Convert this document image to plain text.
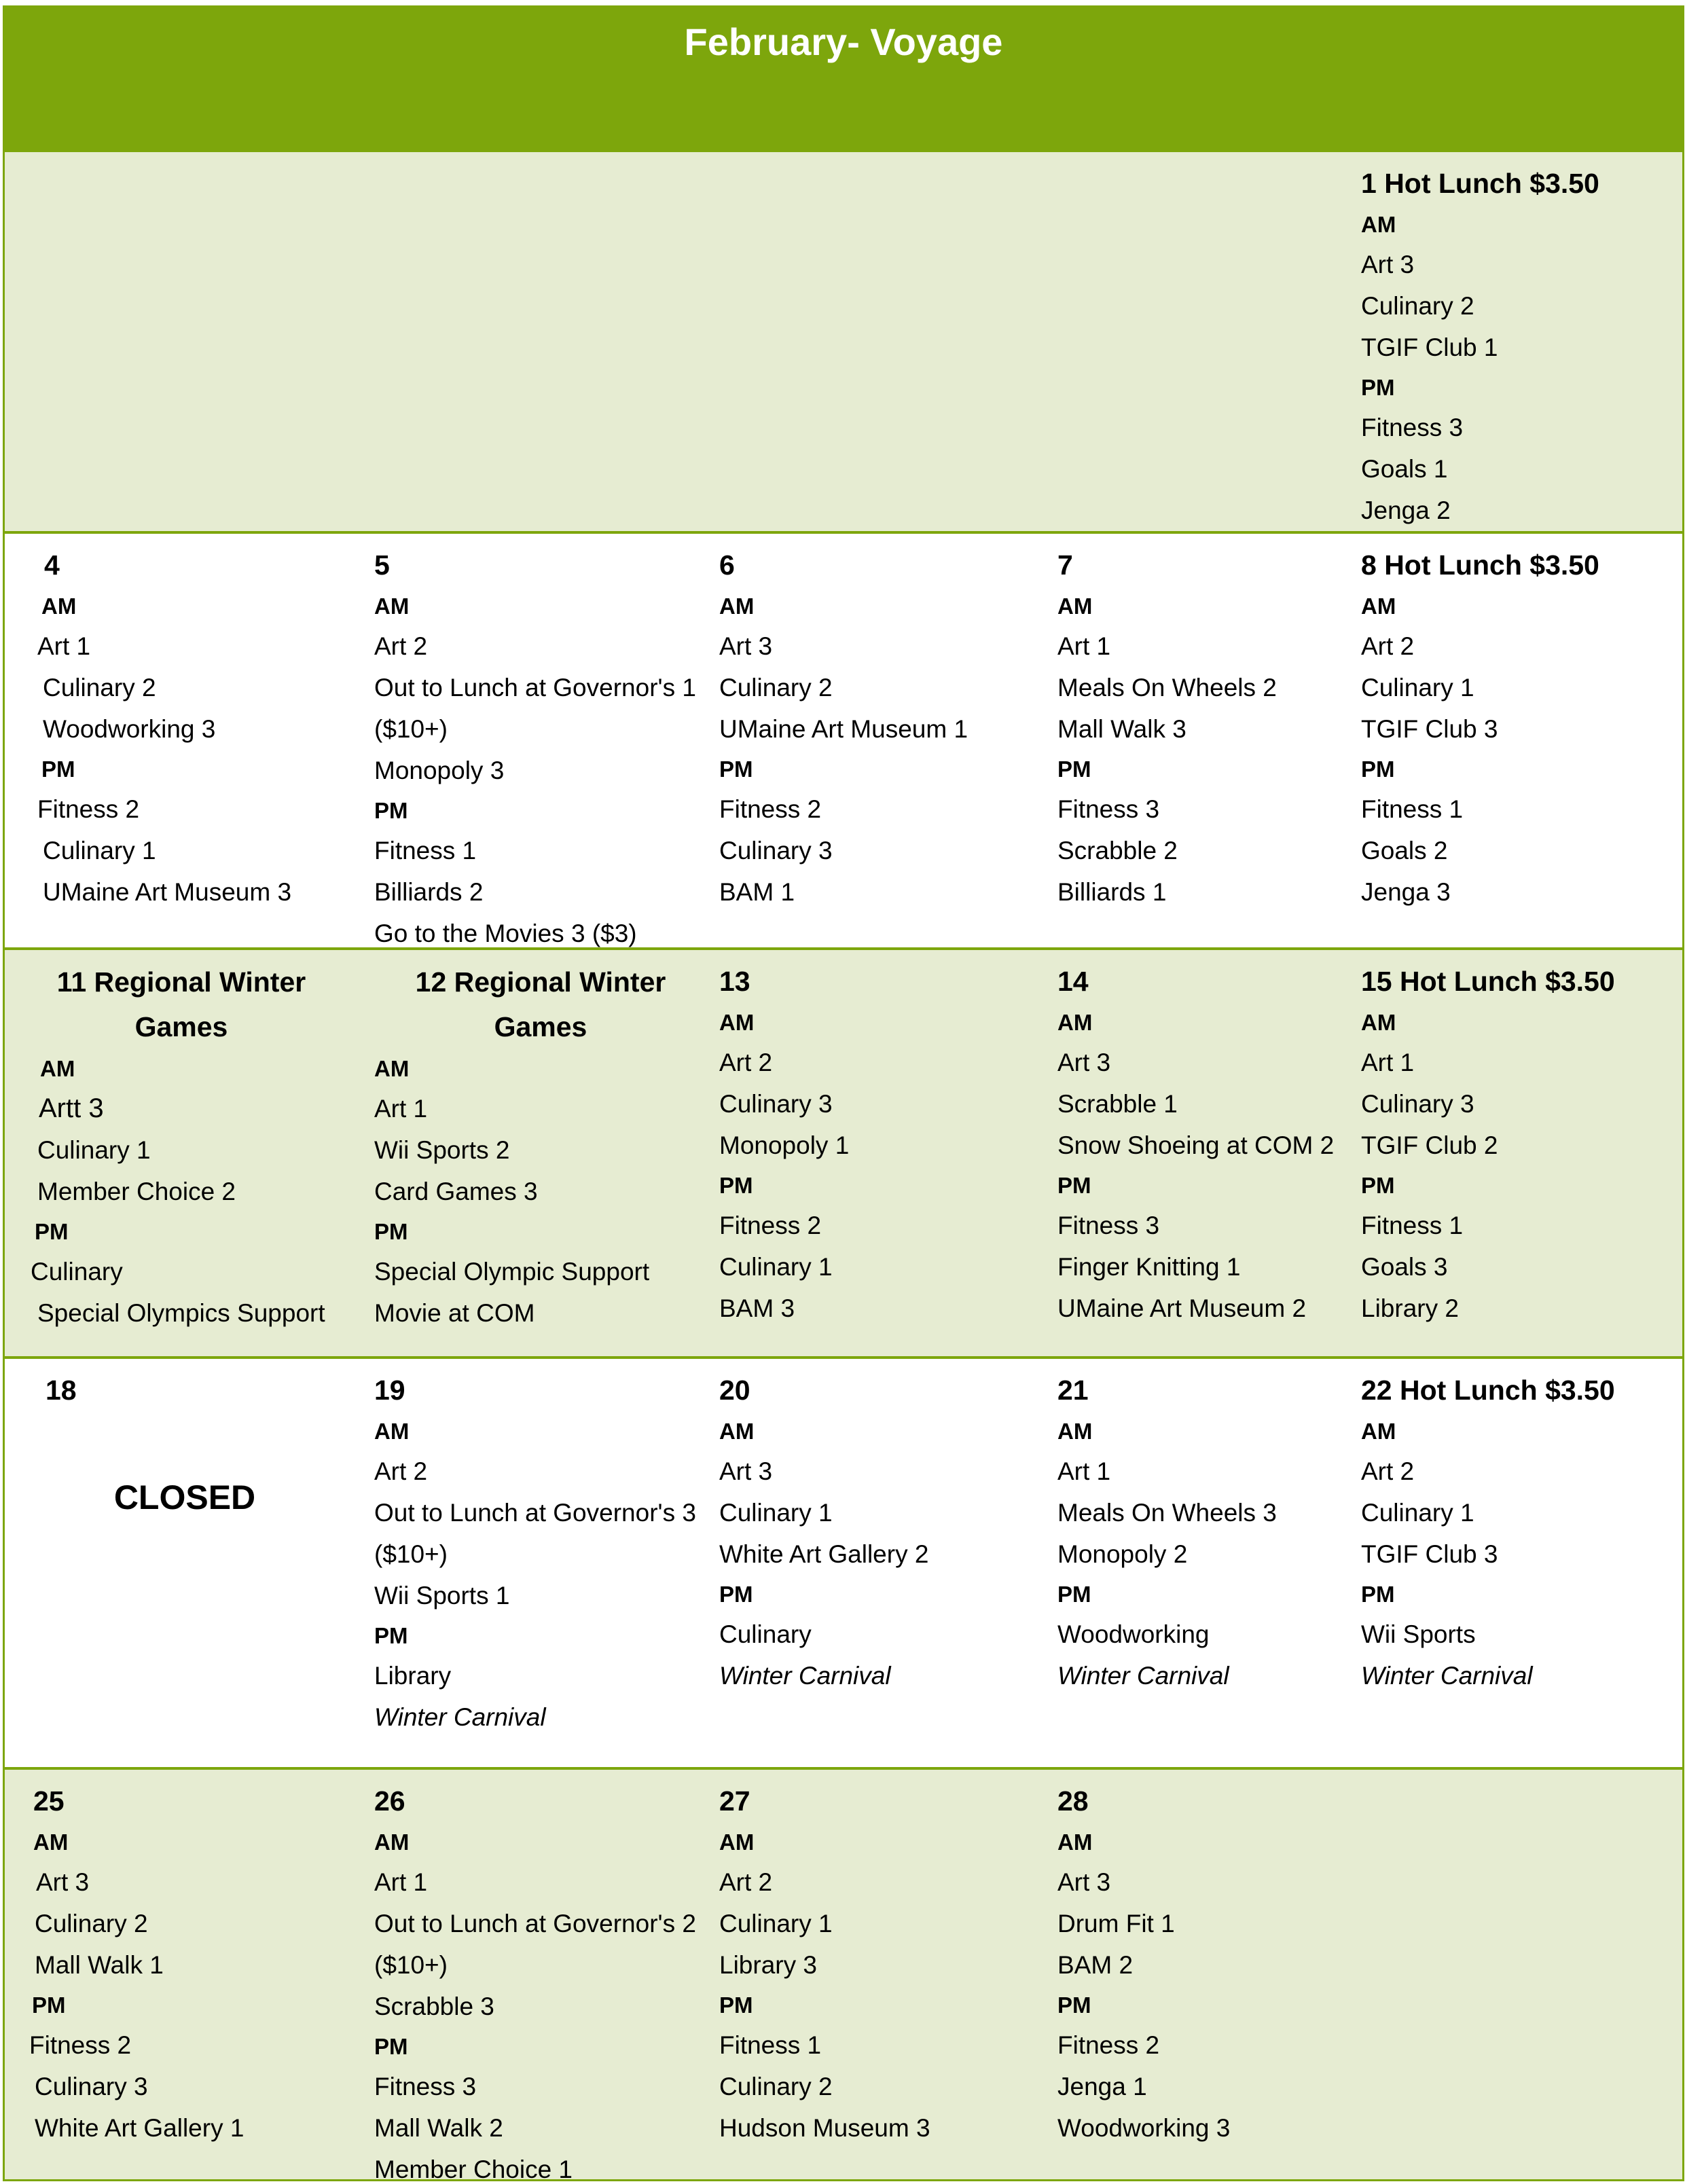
February- Voyage
1 Hot Lunch $3.50
AM
Art 3
Culinary 2
TGIF Club 1
PM
Fitness 3
Goals 1
Jenga 2
4
AM
Art 1
Culinary 2
Woodworking 3
PM
Fitness 2
Culinary 1
UMaine Art Museum 3
5
AM
Art 2
Out to Lunch at Governor's 1
($10+)
Monopoly 3
PM
Fitness 1
Billiards 2
Go to the Movies 3 ($3)
6
AM
Art 3
Culinary 2
UMaine Art Museum 1
PM
Fitness 2
Culinary 3
BAM 1
7
AM
Art 1
Meals On Wheels 2
Mall Walk 3
PM
Fitness 3
Scrabble 2
Billiards 1
8 Hot Lunch $3.50
AM
Art 2
Culinary 1
TGIF Club 3
PM
Fitness 1
Goals 2
Jenga 3
11 Regional Winter
Games
AM
Artt 3
Culinary 1
Member Choice 2
PM
Culinary
Special Olympics Support
12 Regional Winter
Games
AM
Art 1
Wii Sports 2
Card Games 3
PM
Special Olympic Support
Movie at COM
13
AM
Art 2
Culinary 3
Monopoly 1
PM
Fitness 2
Culinary 1
BAM 3
14
AM
Art 3
Scrabble 1
Snow Shoeing at COM 2
PM
Fitness 3
Finger Knitting 1
UMaine Art Museum 2
15 Hot Lunch $3.50
AM
Art 1
Culinary 3
TGIF Club 2
PM
Fitness 1
Goals 3
Library 2
18
CLOSED
19
AM
Art 2
Out to Lunch at Governor's 3
($10+)
Wii Sports 1
PM
Library
Winter Carnival
20
AM
Art 3
Culinary 1
White Art Gallery 2
PM
Culinary
Winter Carnival
21
AM
Art 1
Meals On Wheels 3
Monopoly 2
PM
Woodworking
Winter Carnival
22 Hot Lunch $3.50
AM
Art 2
Culinary 1
TGIF Club 3
PM
Wii Sports
Winter Carnival
25
AM
Art 3
Culinary 2
Mall Walk 1
PM
Fitness 2
Culinary 3
White Art Gallery 1
26
AM
Art 1
Out to Lunch at Governor's 2
($10+)
Scrabble 3
PM
Fitness 3
Mall Walk 2
Member Choice 1
27
AM
Art 2
Culinary 1
Library 3
PM
Fitness 1
Culinary 2
Hudson Museum 3
28
AM
Art 3
Drum Fit 1
BAM 2
PM
Fitness 2
Jenga 1
Woodworking 3
